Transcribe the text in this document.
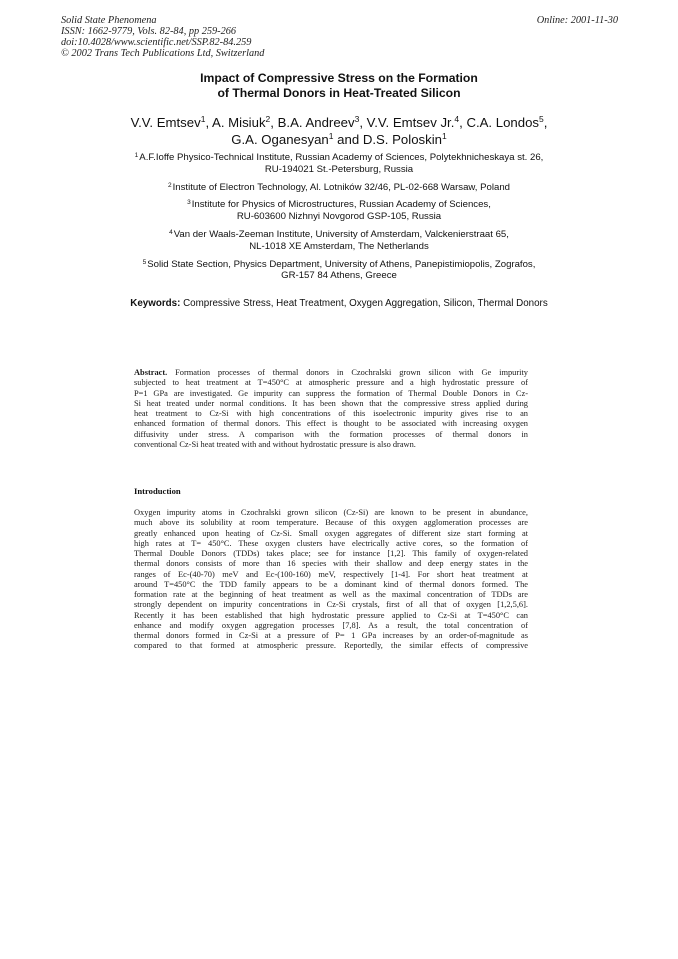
Solid State Phenomena
ISSN: 1662-9779, Vols. 82-84, pp 259-266
doi:10.4028/www.scientific.net/SSP.82-84.259
© 2002 Trans Tech Publications Ltd, Switzerland
Online: 2001-11-30
Impact of Compressive Stress on the Formation
of Thermal Donors in Heat-Treated Silicon
V.V. Emtsev$^1$, A. Misiuk$^2$, B.A. Andreev$^3$, V.V. Emtsev Jr.$^4$, C.A. Londos$^5$,
G.A. Oganesyan$^1$ and D.S. Poloskin$^1$
$^1$A.F.Ioffe Physico-Technical Institute, Russian Academy of Sciences, Polytekhnicheskaya st. 26,
RU-194021 St.-Petersburg, Russia
$^2$Institute of Electron Technology, Al. Lotników 32/46, PL-02-668 Warsaw, Poland
$^3$Institute for Physics of Microstructures, Russian Academy of Sciences,
RU-603600 Nizhnyi Novgorod GSP-105, Russia
$^4$Van der Waals-Zeeman Institute, University of Amsterdam, Valckenierstraat 65,
NL-1018 XE Amsterdam, The Netherlands
$^5$Solid State Section, Physics Department, University of Athens, Panepistimiopolis, Zografos,
GR-157 84 Athens, Greece
Keywords: Compressive Stress, Heat Treatment, Oxygen Aggregation, Silicon, Thermal Donors
Abstract. Formation processes of thermal donors in Czochralski grown silicon with Ge impurity
subjected to heat treatment at T=450°C at atmospheric pressure and a high hydrostatic pressure of
P=1 GPa are investigated. Ge impurity can suppress the formation of Thermal Double Donors in Cz-
Si heat treated under normal conditions. It has been shown that the compressive stress applied during
heat treatment to Cz-Si with high concentrations of this isoelectronic impurity gives rise to an
enhanced formation of thermal donors. This effect is thought to be associated with increasing oxygen
diffusivity under stress. A comparison with the formation processes of thermal donors in
conventional Cz-Si heat treated with and without hydrostatic pressure is also drawn.
Introduction
Oxygen impurity atoms in Czochralski grown silicon (Cz-Si) are known to be present in abundance,
much above its solubility at room temperature. Because of this oxygen agglomeration processes are
greatly enhanced upon heating of Cz-Si. Small oxygen aggregates of different size start forming at
high rates at T= 450°C. These oxygen clusters have electrically active cores, so the formation of
Thermal Double Donors (TDDs) takes place; see for instance [1,2]. This family of oxygen-related
thermal donors consists of more than 16 species with their shallow and deep energy states in the
ranges of Ec-(40-70) meV and Ec-(100-160) meV, respectively [1-4]. For short heat treatment at
around T=450°C the TDD family appears to be a dominant kind of thermal donors formed. The
formation rate at the beginning of heat treatment as well as the maximal concentration of TDDs are
strongly dependent on impurity concentrations in Cz-Si crystals, first of all that of oxygen [1,2,5,6].
Recently it has been established that high hydrostatic pressure applied to Cz-Si at T=450°C can
enhance and modify oxygen aggregation processes [7,8]. As a result, the total concentration of
thermal donors formed in Cz-Si at a pressure of P= 1 GPa increases by an order-of-magnitude as
compared to that formed at atmospheric pressure. Reportedly, the similar effects of compressive
